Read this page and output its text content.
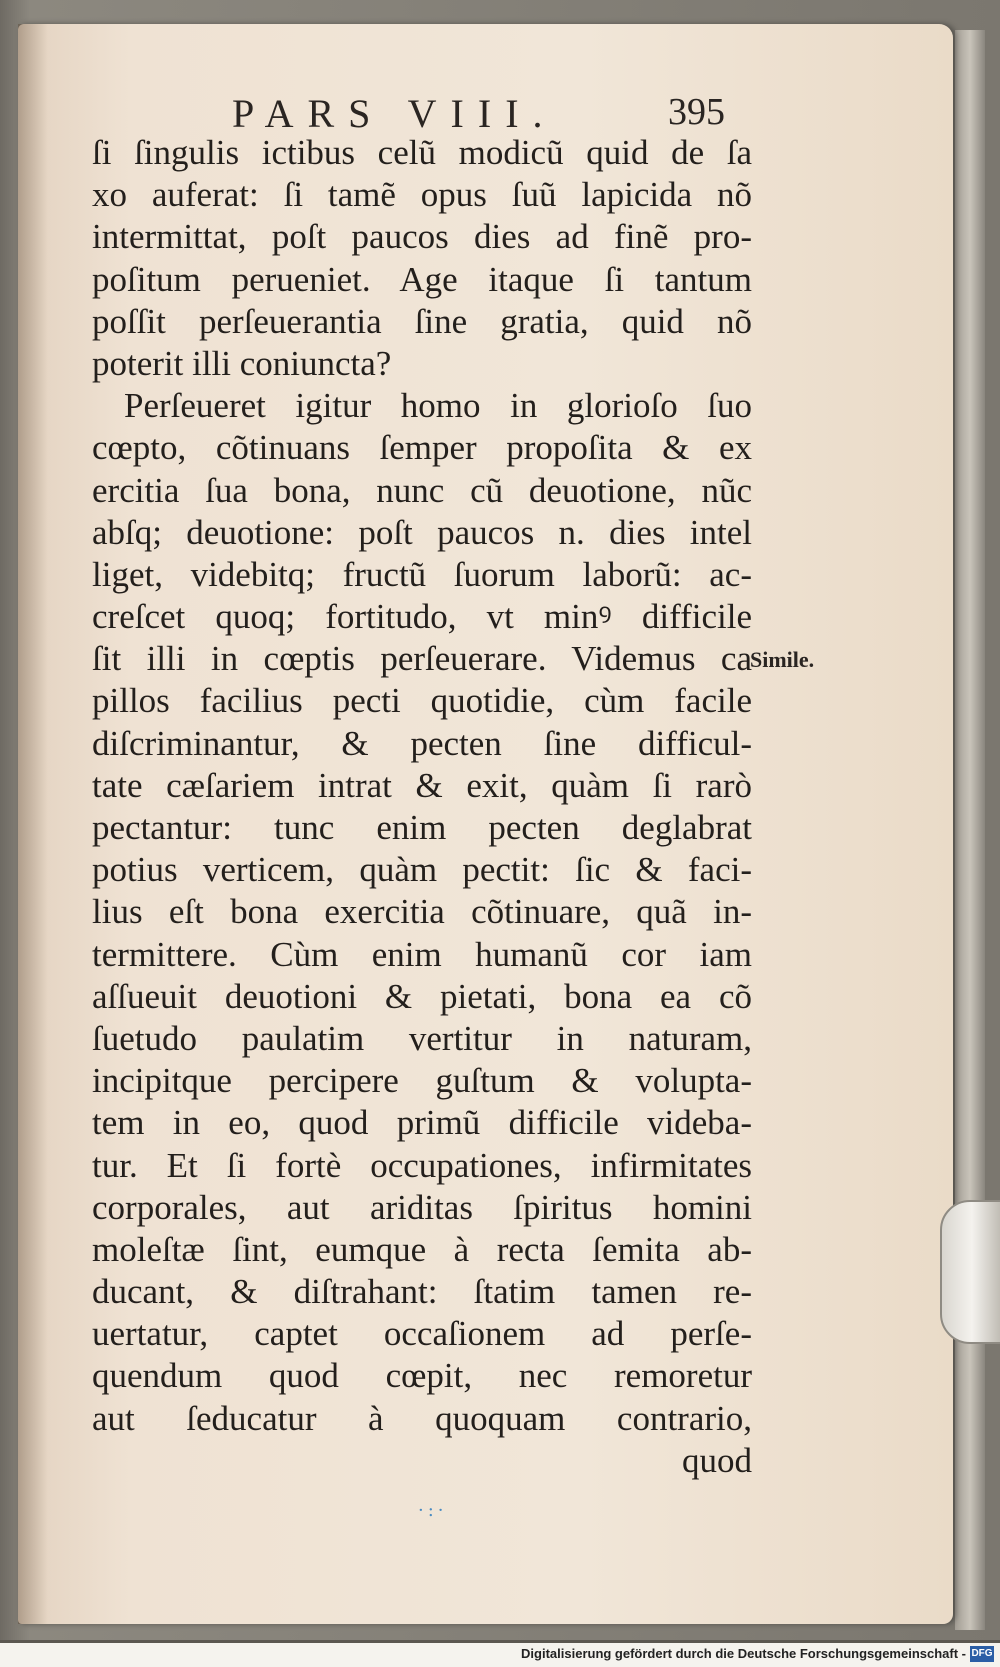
PARS VIII.	395
ſi ſingulis ictibus celũ modicũ quid de ſa
xo auferat: ſi tamẽ opus ſuũ lapicida nõ
intermittat, poſt paucos dies ad finẽ pro-
poſitum perueniet. Age itaque ſi tantum
poſſit perſeuerantia ſine gratia, quid nõ
poterit illi coniuncta?
Perſeueret igitur homo in glorioſo ſuo
cœpto, cõtinuans ſemper propoſita & ex
ercitia ſua bona, nunc cũ deuotione, nũc
abſq; deuotione: poſt paucos n. dies intel
liget, videbitq; fructũ ſuorum laborũ: ac-
creſcet quoq; fortitudo, vt minꝰ difficile
ſit illi in cœptis perſeuerare. Videmus ca
pillos facilius pecti quotidie, cùm facile
diſcriminantur, & pecten ſine difficul-
tate cæſariem intrat & exit, quàm ſi rarò
pectantur: tunc enim pecten deglabrat
potius verticem, quàm pectit: ſic & faci-
lius eſt bona exercitia cõtinuare, quã in-
termittere. Cùm enim humanũ cor iam
aſſueuit deuotioni & pietati, bona ea cõ
ſuetudo paulatim vertitur in naturam,
incipitque percipere guſtum & volupta-
tem in eo, quod primũ difficile videba-
tur. Et ſi fortè occupationes, infirmitates
corporales, aut ariditas ſpiritus homini
moleſtæ ſint, eumque à recta ſemita ab-
ducant, & diſtrahant: ſtatim tamen re-
uertatur, captet occaſionem ad perſe-
quendum quod cœpit, nec remoretur
aut ſeducatur à quoquam contrario,
quod
Simile.
·:·
Digitalisierung gefördert durch die Deutsche Forschungsgemeinschaft - DFG
